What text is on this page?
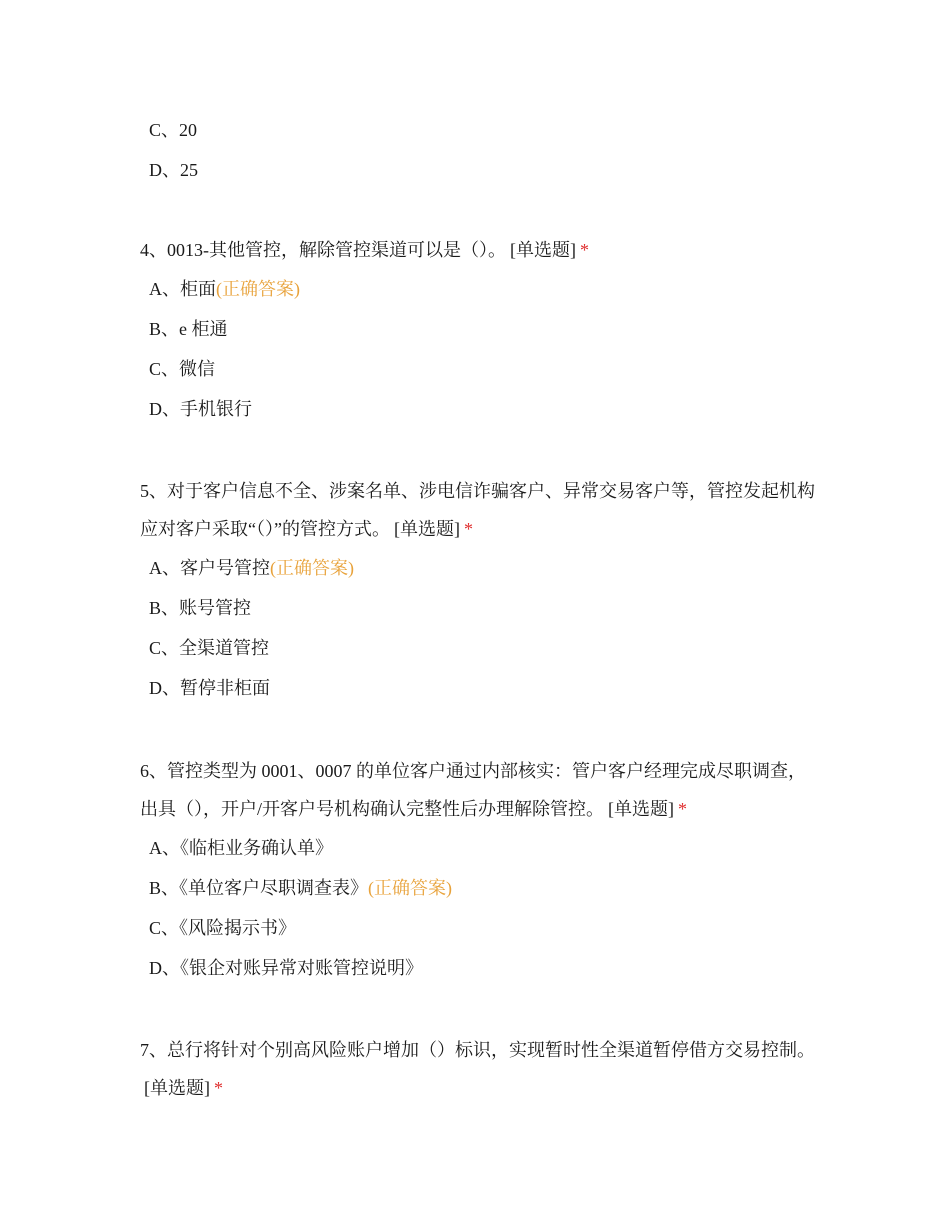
C、20
D、25

4、0013-其他管控，解除管控渠道可以是（）。 [单选题] *

A、柜面(正确答案)
B、e 柜通
C、微信
D、手机银行

5、对于客户信息不全、涉案名单、涉电信诈骗客户、异常交易客户等，管控发起机构应对客户采取“（）”的管控方式。 [单选题] *

A、客户号管控(正确答案)
B、账号管控
C、全渠道管控
D、暂停非柜面

6、管控类型为 0001、0007 的单位客户通过内部核实：管户客户经理完成尽职调查，出具（），开户/开客户号机构确认完整性后办理解除管控。 [单选题] *

A、《临柜业务确认单》
B、《单位客户尽职调查表》(正确答案)
C、《风险揭示书》
D、《银企对账异常对账管控说明》

7、总行将针对个别高风险账户增加（）标识，实现暂时性全渠道暂停借方交易控制。[单选题] *
